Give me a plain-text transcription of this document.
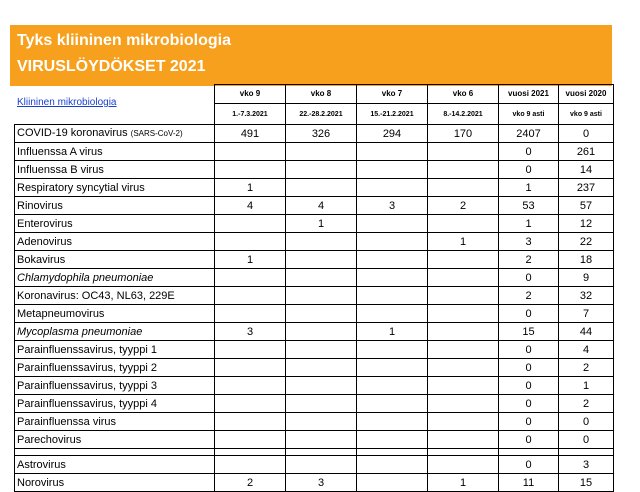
Tyks kliininen mikrobiologia
VIRUSLÖYDÖKSET 2021
	vko 9	vko 8	vko 7	vko 6	vuosi 2021	vuosi 2020
	1.-7.3.2021	22.-28.2.2021	15.-21.2.2021	8.-14.2.2021	vko 9 asti	vko 9 asti
COVID-19 koronavirus (SARS-CoV-2)	491	326	294	170	2407	0
Influenssa A virus					0	261
Influenssa B virus					0	14
Respiratory syncytial virus	1				1	237
Rinovirus	4	4	3	2	53	57
Enterovirus		1			1	12
Adenovirus				1	3	22
Bokavirus	1				2	18
Chlamydophila pneumoniae					0	9
Koronavirus: OC43, NL63, 229E					2	32
Metapneumovirus					0	7
Mycoplasma pneumoniae	3		1		15	44
Parainfluenssavirus, tyyppi 1					0	4
Parainfluenssavirus, tyyppi 2					0	2
Parainfluenssavirus, tyyppi 3					0	1
Parainfluenssavirus, tyyppi 4					0	2
Parainfluenssa virus					0	0
Parechovirus					0	0

Astrovirus					0	3
Norovirus	2	3		1	11	15
Kliininen mikrobiologia
